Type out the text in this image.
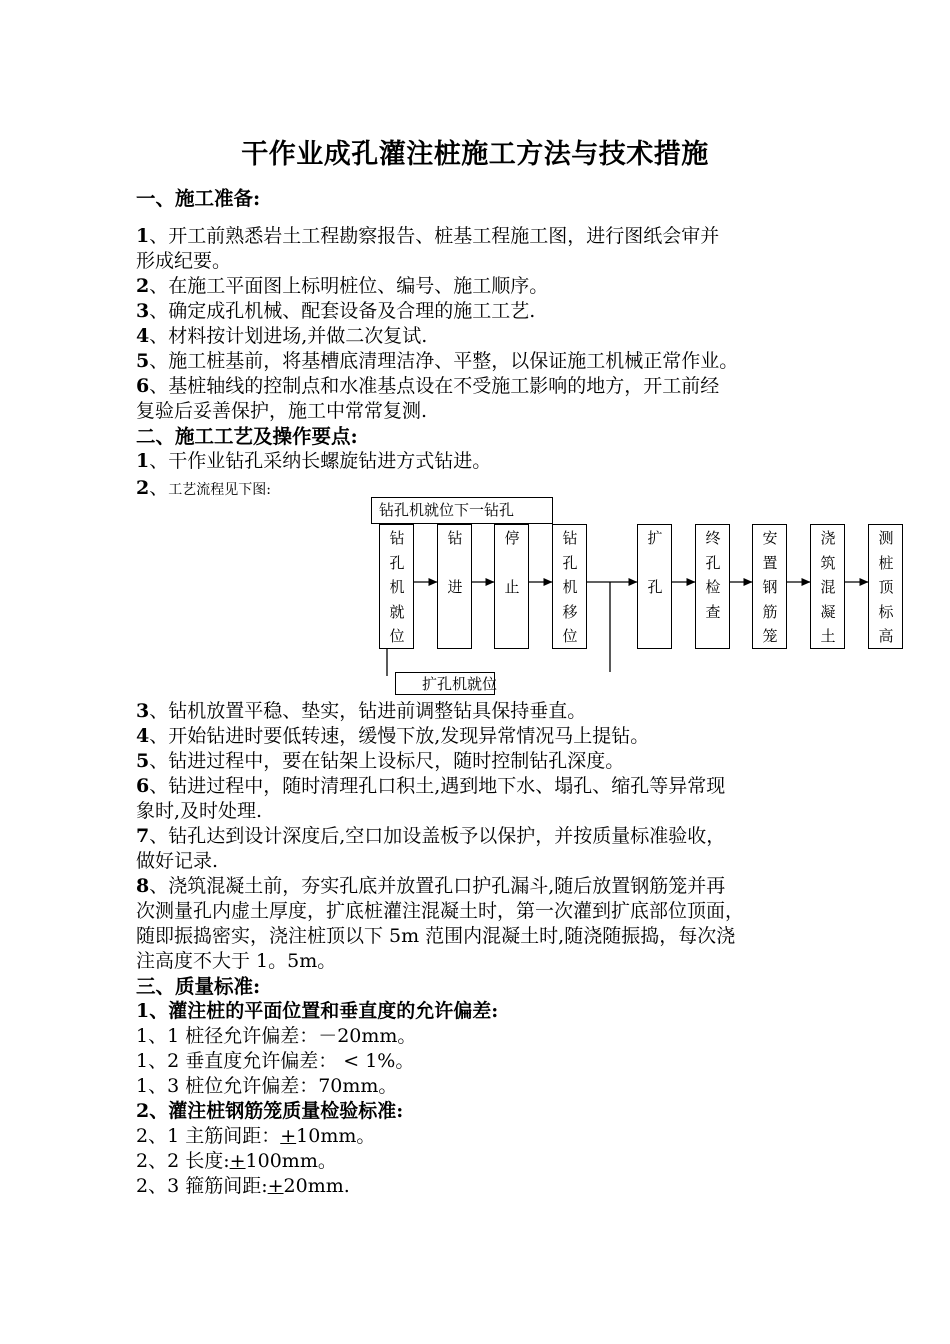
干作业成孔灌注桩施工方法与技术措施
一、施工准备:
1、开工前熟悉岩土工程勘察报告、桩基工程施工图，进行图纸会审并
形成纪要。
2、在施工平面图上标明桩位、编号、施工顺序。
3、确定成孔机械、配套设备及合理的施工工艺.
4、材料按计划进场,并做二次复试.
5、施工桩基前，将基槽底清理洁净、平整，以保证施工机械正常作业。
6、基桩轴线的控制点和水准基点设在不受施工影响的地方，开工前经
复验后妥善保护，施工中常常复测.
二、施工工艺及操作要点:
1、干作业钻孔采纳长螺旋钻进方式钻进。
2、工艺流程见下图:
钻孔机就位下一钻孔
钻
孔
机
就
位
钻

进
停

止
钻
孔
机
移
位
扩

孔
终
孔
检
查
安
置
钢
筋
笼
浇
筑
混
凝
土
测
桩
顶
标
高
扩孔机就位
3、钻机放置平稳、垫实，钻进前调整钻具保持垂直。
4、开始钻进时要低转速，缓慢下放,发现异常情况马上提钻。
5、钻进过程中，要在钻架上设标尺，随时控制钻孔深度。
6、钻进过程中，随时清理孔口积土,遇到地下水、塌孔、缩孔等异常现
象时,及时处理.
7、钻孔达到设计深度后,空口加设盖板予以保护，并按质量标准验收，
做好记录.
8、浇筑混凝土前，夯实孔底并放置孔口护孔漏斗,随后放置钢筋笼并再
次测量孔内虚土厚度，扩底桩灌注混凝土时，第一次灌到扩底部位顶面，
随即振捣密实，浇注桩顶以下 5m 范围内混凝土时,随浇随振捣，每次浇
注高度不大于 1。5m。
三、质量标准:
1、灌注桩的平面位置和垂直度的允许偏差:
1、1 桩径允许偏差：－20mm。
1、2 垂直度允许偏差： < 1%。
1、3 桩位允许偏差：70mm。
2、灌注桩钢筋笼质量检验标准:
2、1 主筋间距：+10mm。
2、2 长度:+100mm。
2、3 箍筋间距:+20mm.
